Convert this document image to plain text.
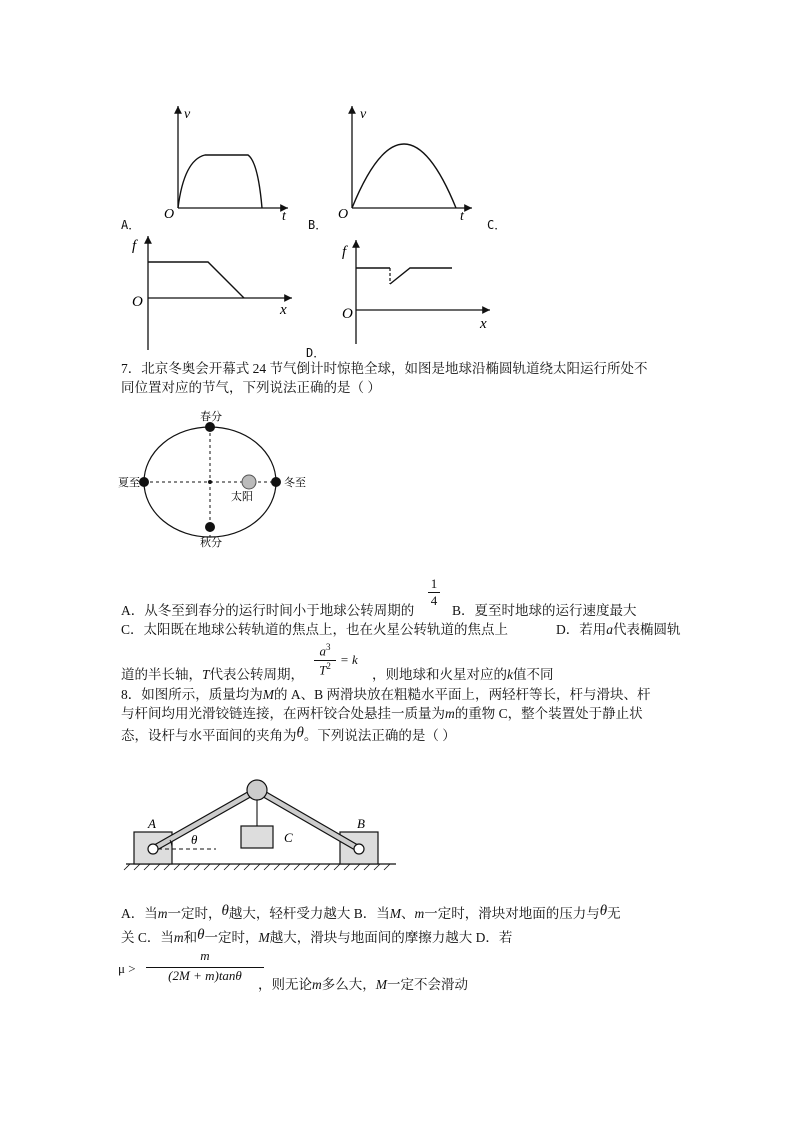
v
O	t
A．
v
O	t
B．	C．
f
O	x
f
O
x
D．
7．北京冬奥会开幕式 24 节气倒计时惊艳全球，如图是地球沿椭圆轨道绕太阳运行所处不
同位置对应的节气，下列说法正确的是（ ）
春分
夏至	冬至
秋分
太阳
A．从冬至到春分的运行时间小于地球公转周期的
$\frac{1}{4}$
B．夏至时地球的运行速度最大
C．太阳既在地球公转轨道的焦点上，也在火星公转轨道的焦点上	D．若用a代表椭圆轨
道的半长轴，T代表公转周期，
$a^3$
$T^2 = k$
，则地球和火星对应的k值不同
8．如图所示，质量均为M的 A、B 两滑块放在粗糙水平面上，两轻杆等长，杆与滑块、杆
与杆间均用光滑铰链连接，在两杆铰合处悬挂一质量为m的重物 C，整个装置处于静止状
态，设杆与水平面间的夹角为θ。下列说法正确的是（ ）
A	B
C
θ
A．当m一定时，θ越大，轻杆受力越大 B．当M、m一定时，滑块对地面的压力与θ无
关 C．当m和θ一定时，M越大，滑块与地面间的摩擦力越大 D．若
μ >
m
(2M + m)tanθ
，则无论m多么大，M一定不会滑动
